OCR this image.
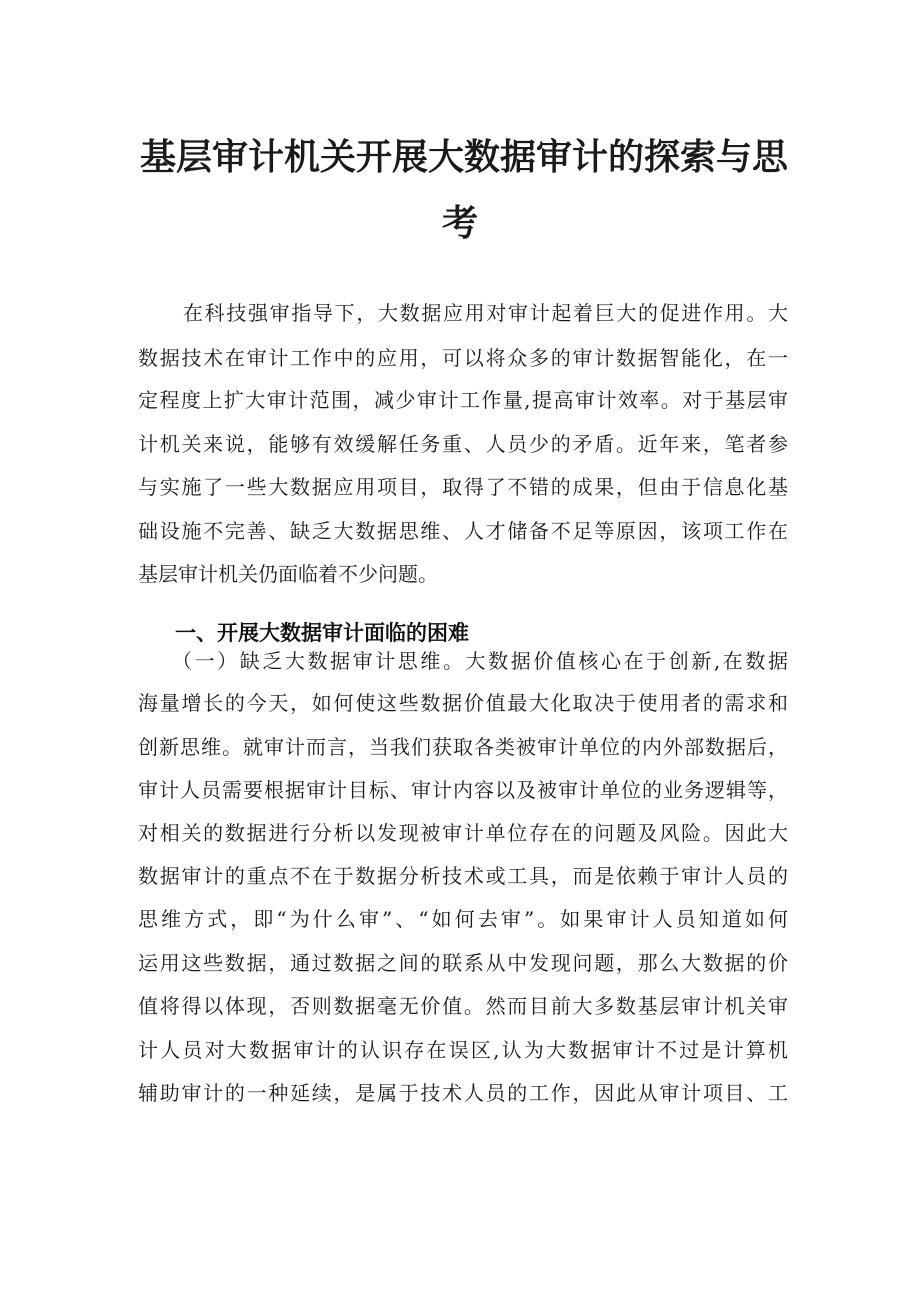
基层审计机关开展大数据审计的探索与思
考
在科技强审指导下，大数据应用对审计起着巨大的促进作用。大
数据技术在审计工作中的应用，可以将众多的审计数据智能化，在一
定程度上扩大审计范围，减少审计工作量,提高审计效率。对于基层审
计机关来说，能够有效缓解任务重、人员少的矛盾。近年来，笔者参
与实施了一些大数据应用项目，取得了不错的成果，但由于信息化基
础设施不完善、缺乏大数据思维、人才储备不足等原因，该项工作在
基层审计机关仍面临着不少问题。
一、开展大数据审计面临的困难
（一）缺乏大数据审计思维。大数据价值核心在于创新,在数据
海量增长的今天，如何使这些数据价值最大化取决于使用者的需求和
创新思维。就审计而言，当我们获取各类被审计单位的内外部数据后，
审计人员需要根据审计目标、审计内容以及被审计单位的业务逻辑等，
对相关的数据进行分析以发现被审计单位存在的问题及风险。因此大
数据审计的重点不在于数据分析技术或工具，而是依赖于审计人员的
思维方式，即“为什么审”、“如何去审”。如果审计人员知道如何
运用这些数据，通过数据之间的联系从中发现问题，那么大数据的价
值将得以体现，否则数据毫无价值。然而目前大多数基层审计机关审
计人员对大数据审计的认识存在误区,认为大数据审计不过是计算机
辅助审计的一种延续，是属于技术人员的工作，因此从审计项目、工
